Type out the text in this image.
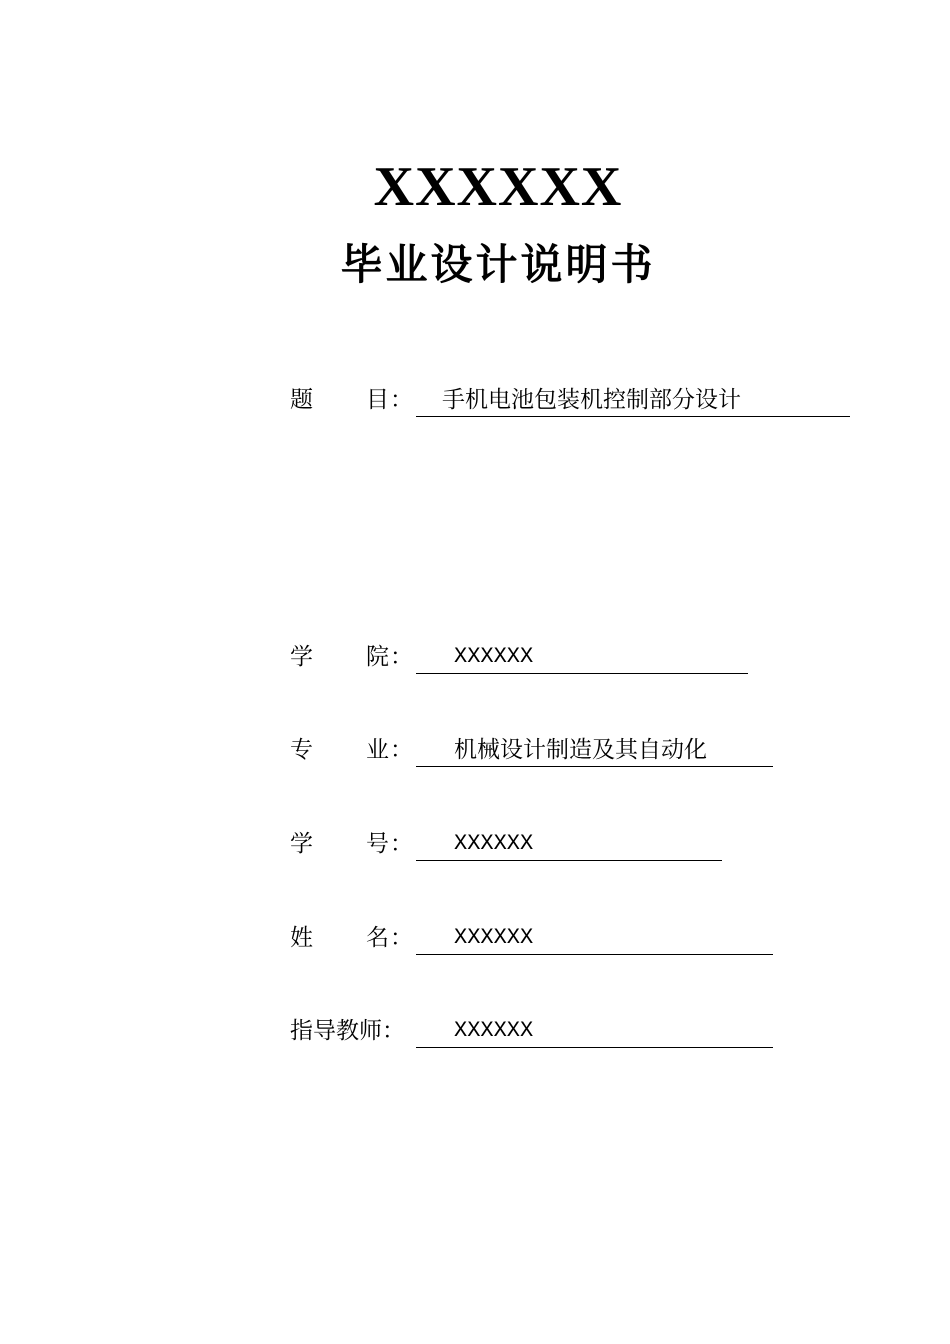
XXXXXX
毕业设计说明书
题 目 ： 手机电池包装机控制部分设计
学 院 ： XXXXXX
专 业 ： 机械设计制造及其自动化
学 号 ： XXXXXX
姓 名 ： XXXXXX
指导教师： XXXXXX
